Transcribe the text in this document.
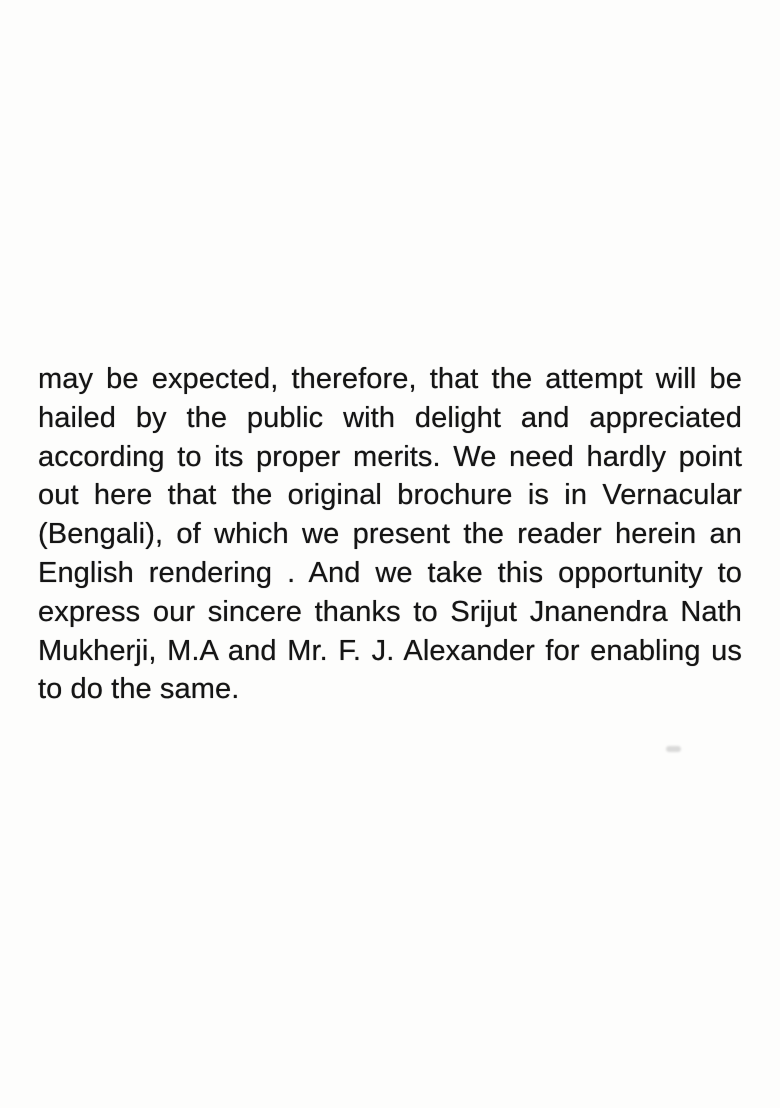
may be expected, therefore, that the attempt will be
hailed by the public with delight and appreciated
according to its proper merits. We need hardly point
out here that the original brochure is in Vernacular
(Bengali), of which we present the reader herein an
English rendering . And we take this opportunity to
express our sincere thanks to Srijut Jnanendra Nath
Mukherji, M.A and Mr. F. J. Alexander for enabling us
to do the same.
